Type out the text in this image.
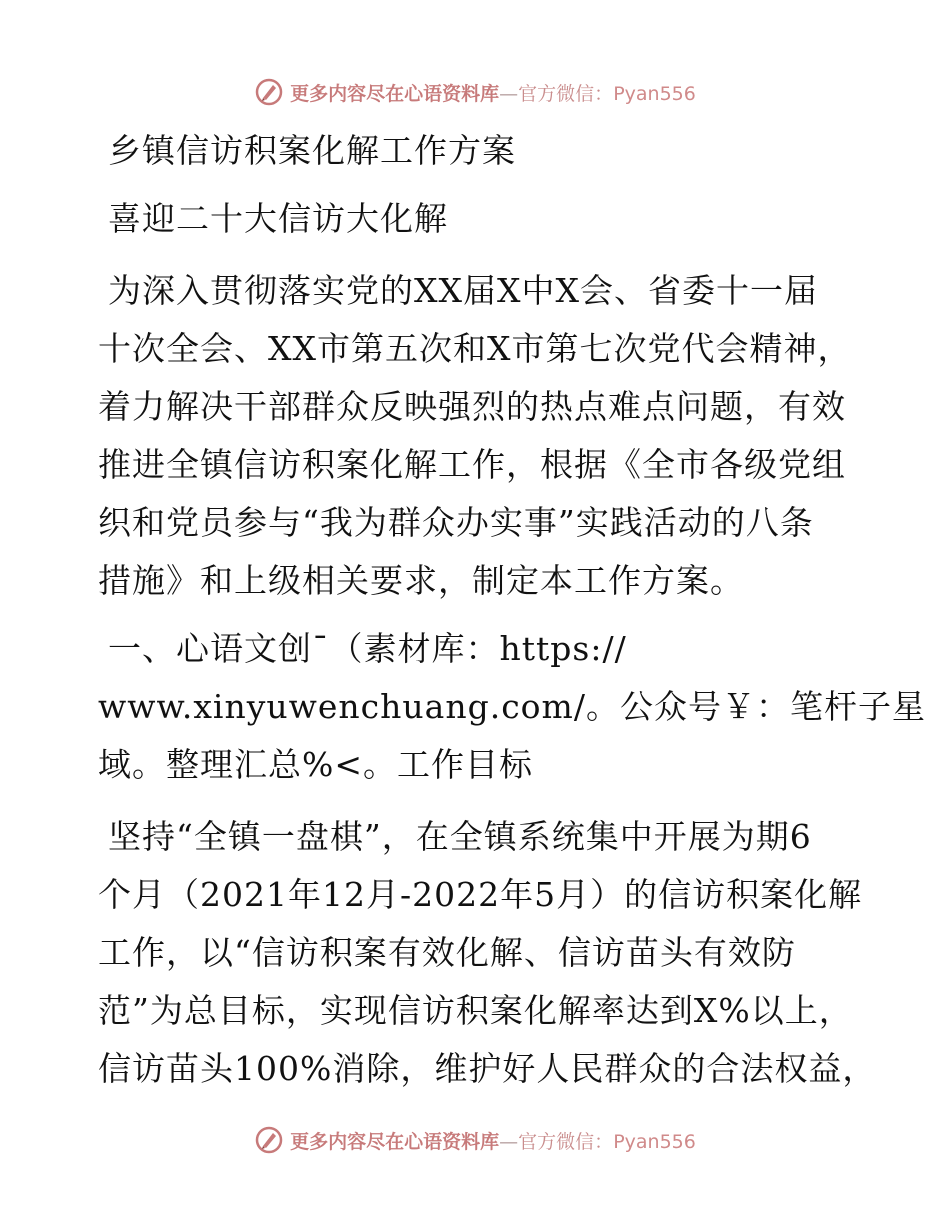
更多内容尽在心语资料库—官方微信：Pyan556
乡镇信访积案化解工作方案
喜迎二十大信访大化解
为深入贯彻落实党的XX届X中X会、省委十一届
十次全会、XX市第五次和X市第七次党代会精神，
着力解决干部群众反映强烈的热点难点问题，有效
推进全镇信访积案化解工作，根据《全市各级党组
织和党员参与“我为群众办实事”实践活动的八条
措施》和上级相关要求，制定本工作方案。
一、心语文创¯（素材库：https://
www.xinyuwenchuang.com/。公众号￥：笔杆子星
域。整理汇总%<。工作目标
坚持“全镇一盘棋”，在全镇系统集中开展为期6
个月（2021年12月-2022年5月）的信访积案化解
工作，以“信访积案有效化解、信访苗头有效防
范”为总目标，实现信访积案化解率达到X%以上，
信访苗头100%消除，维护好人民群众的合法权益，
更多内容尽在心语资料库—官方微信：Pyan556
